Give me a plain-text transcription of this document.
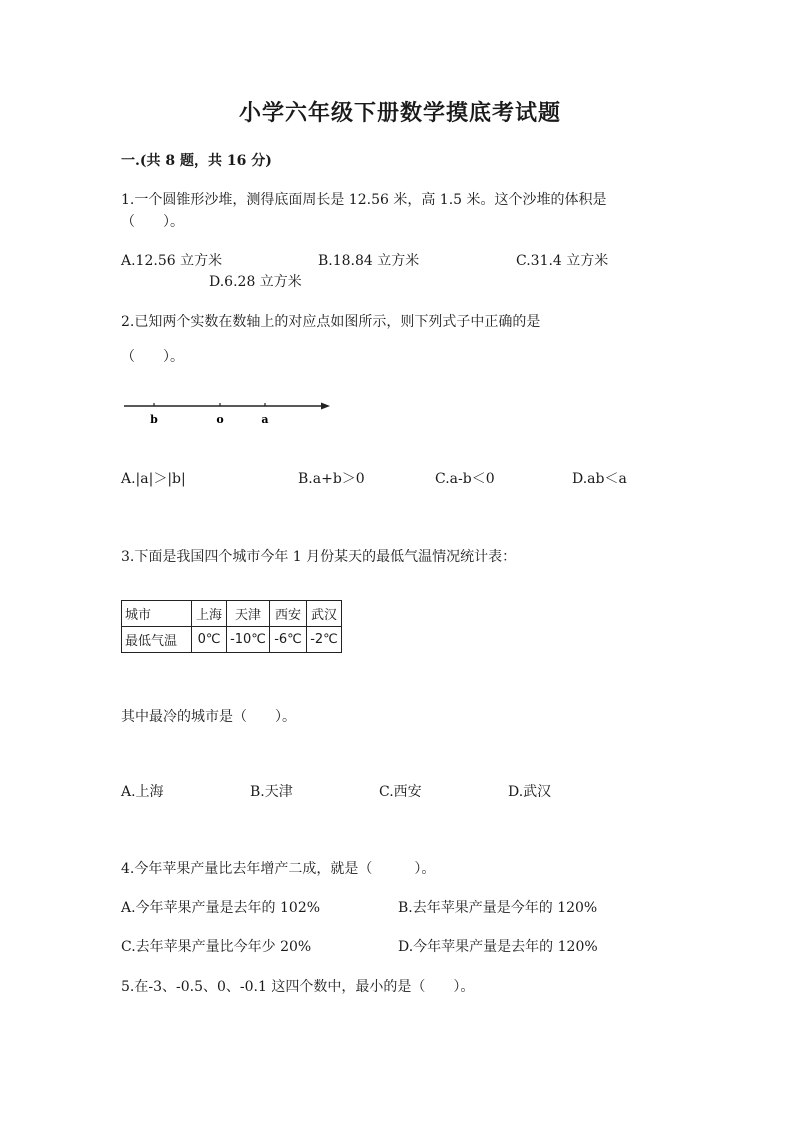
小学六年级下册数学摸底考试题
一.(共 8 题，共 16 分)
1.一个圆锥形沙堆，测得底面周长是 12.56 米，高 1.5 米。这个沙堆的体积是
（　　）。
A.12.56 立方米	B.18.84 立方米	C.31.4 立方米
D.6.28 立方米
2.已知两个实数在数轴上的对应点如图所示，则下列式子中正确的是
（　　）。
b	o	a
A.|a|＞|b|	B.a+b＞0	C.a-b＜0	D.ab＜a
3.下面是我国四个城市今年 1 月份某天的最低气温情况统计表：
城市	上海	天津	西安	武汉
最低气温	0℃	-10℃	-6℃	-2℃
其中最冷的城市是（　　）。
A.上海	B.天津	C.西安	D.武汉
4.今年苹果产量比去年增产二成，就是（　　　）。
A.今年苹果产量是去年的 102%	B.去年苹果产量是今年的 120%
C.去年苹果产量比今年少 20%	D.今年苹果产量是去年的 120%
5.在-3、-0.5、0、-0.1 这四个数中，最小的是（　　）。
